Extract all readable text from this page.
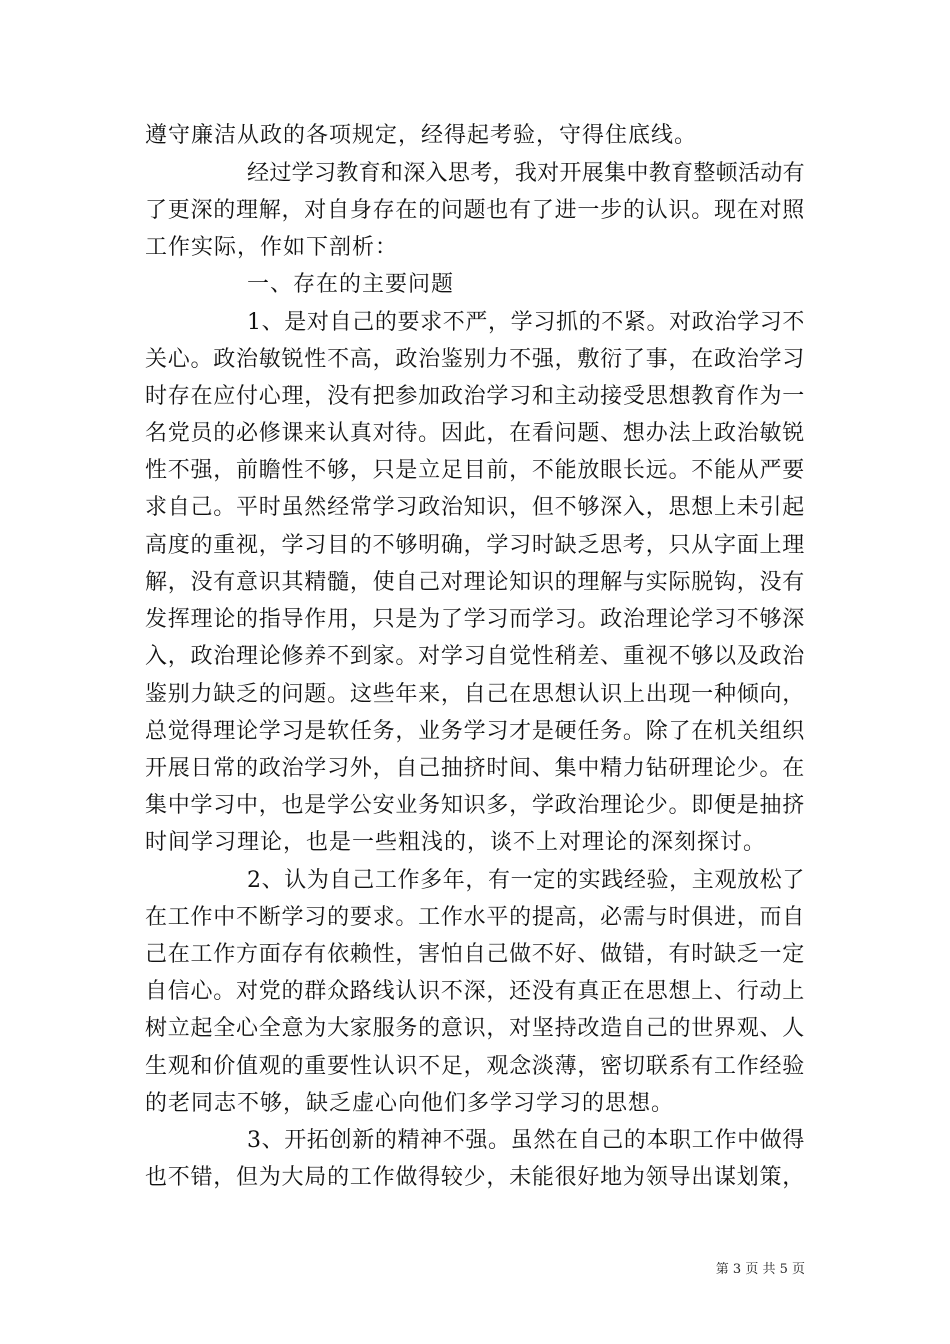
遵守廉洁从政的各项规定，经得起考验，守得住底线。
经过学习教育和深入思考，我对开展集中教育整顿活动有
了更深的理解，对自身存在的问题也有了进一步的认识。现在对照
工作实际，作如下剖析：
一、存在的主要问题
1、是对自己的要求不严，学习抓的不紧。对政治学习不
关心。政治敏锐性不高，政治鉴别力不强，敷衍了事，在政治学习
时存在应付心理，没有把参加政治学习和主动接受思想教育作为一
名党员的必修课来认真对待。因此，在看问题、想办法上政治敏锐
性不强，前瞻性不够，只是立足目前，不能放眼长远。不能从严要
求自己。平时虽然经常学习政治知识，但不够深入，思想上未引起
高度的重视，学习目的不够明确，学习时缺乏思考，只从字面上理
解，没有意识其精髓，使自己对理论知识的理解与实际脱钩，没有
发挥理论的指导作用，只是为了学习而学习。政治理论学习不够深
入，政治理论修养不到家。对学习自觉性稍差、重视不够以及政治
鉴别力缺乏的问题。这些年来，自己在思想认识上出现一种倾向，
总觉得理论学习是软任务，业务学习才是硬任务。除了在机关组织
开展日常的政治学习外，自己抽挤时间、集中精力钻研理论少。在
集中学习中，也是学公安业务知识多，学政治理论少。即便是抽挤
时间学习理论，也是一些粗浅的，谈不上对理论的深刻探讨。
2、认为自己工作多年，有一定的实践经验，主观放松了
在工作中不断学习的要求。工作水平的提高，必需与时俱进，而自
己在工作方面存有依赖性，害怕自己做不好、做错，有时缺乏一定
自信心。对党的群众路线认识不深，还没有真正在思想上、行动上
树立起全心全意为大家服务的意识，对坚持改造自己的世界观、人
生观和价值观的重要性认识不足，观念淡薄，密切联系有工作经验
的老同志不够，缺乏虚心向他们多学习学习的思想。
3、开拓创新的精神不强。虽然在自己的本职工作中做得
也不错，但为大局的工作做得较少，未能很好地为领导出谋划策，
第 3 页 共 5 页
